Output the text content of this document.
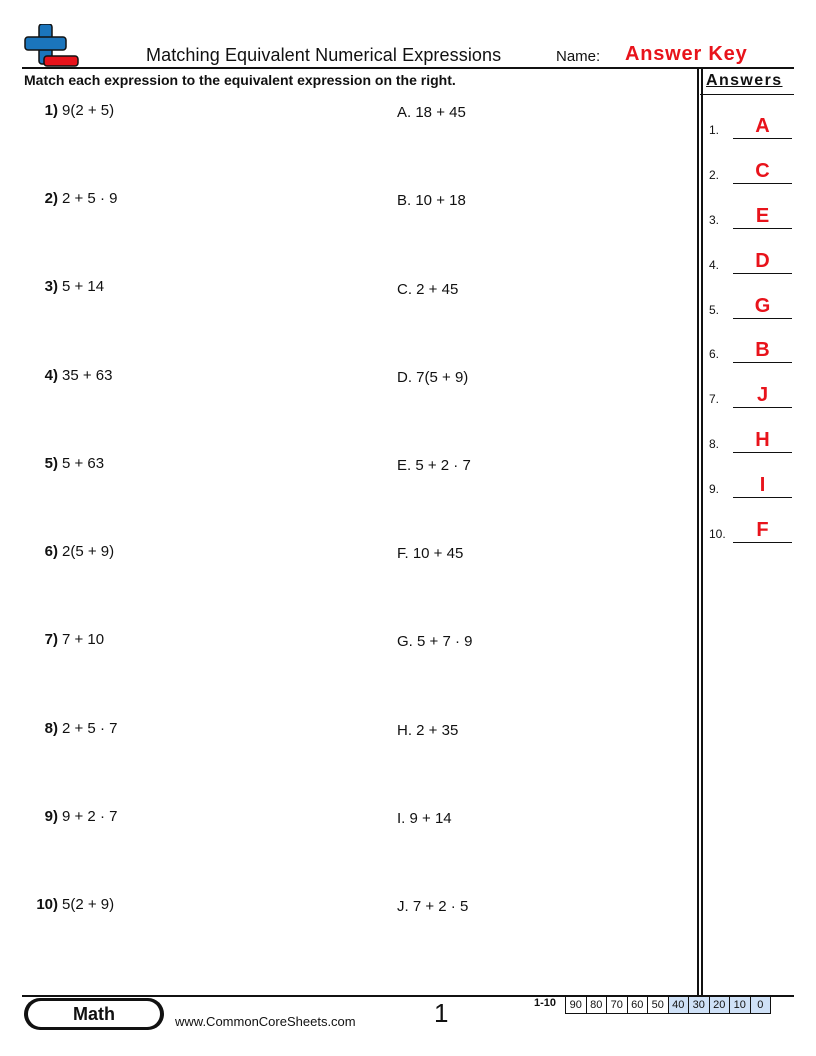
Matching Equivalent Numerical Expressions	Name: Answer Key
Match each expression to the equivalent expression on the right.
1) 9(2 + 5)
2) 2 + 5 · 9
3) 5 + 14
4) 35 + 63
5) 5 + 63
6) 2(5 + 9)
7) 7 + 10
8) 2 + 5 · 7
9) 9 + 2 · 7
10) 5(2 + 9)
A. 18 + 45
B. 10 + 18
C. 2 + 45
D. 7(5 + 9)
E. 5 + 2 · 7
F. 10 + 45
G. 5 + 7 · 9
H. 2 + 35
I. 9 + 14
J. 7 + 2 · 5
Answers
1.	A
2.	C
3.	E
4.	D
5.	G
6.	B
7.	J
8.	H
9.	I
10.	F
Math	www.CommonCoreSheets.com	1	1-10	90 80 70 60 50 40 30 20 10	0
